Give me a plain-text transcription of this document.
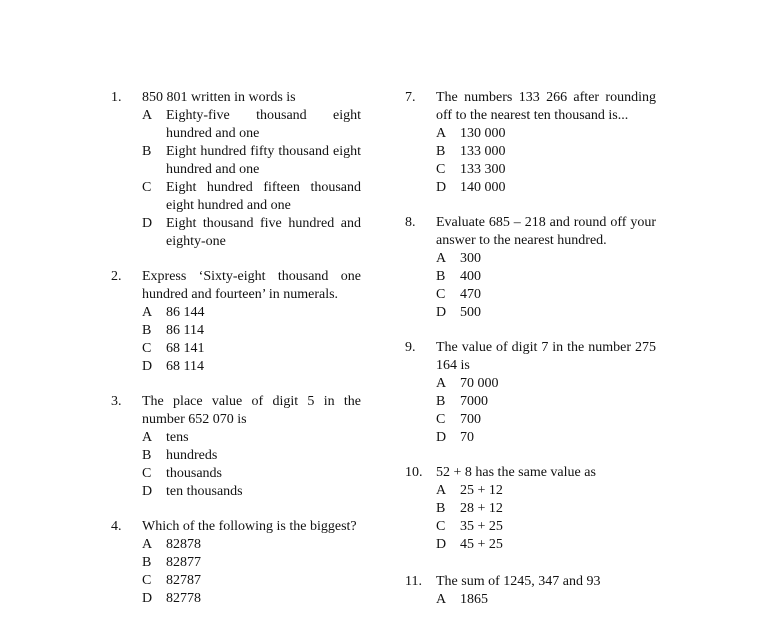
1. 850 801 written in words is
A Eighty-five thousand eight hundred and one
B Eight hundred fifty thousand eight hundred and one
C Eight hundred fifteen thousand eight hundred and one
D Eight thousand five hundred and eighty-one
2. Express ‘Sixty-eight thousand one hundred and fourteen’ in numerals.
A 86 144
B 86 114
C 68 141
D 68 114
3. The place value of digit 5 in the number 652 070 is
A tens
B hundreds
C thousands
D ten thousands
4. Which of the following is the biggest?
A 82878
B 82877
C 82787
D 82778
7. The numbers 133 266 after rounding off to the nearest ten thousand is...
A 130 000
B 133 000
C 133 300
D 140 000
8. Evaluate 685 – 218 and round off your answer to the nearest hundred.
A 300
B 400
C 470
D 500
9. The value of digit 7 in the number 275 164 is
A 70 000
B 7000
C 700
D 70
10. 52 + 8 has the same value as
A 25 + 12
B 28 + 12
C 35 + 25
D 45 + 25
11. The sum of 1245, 347 and 93
A 1865
